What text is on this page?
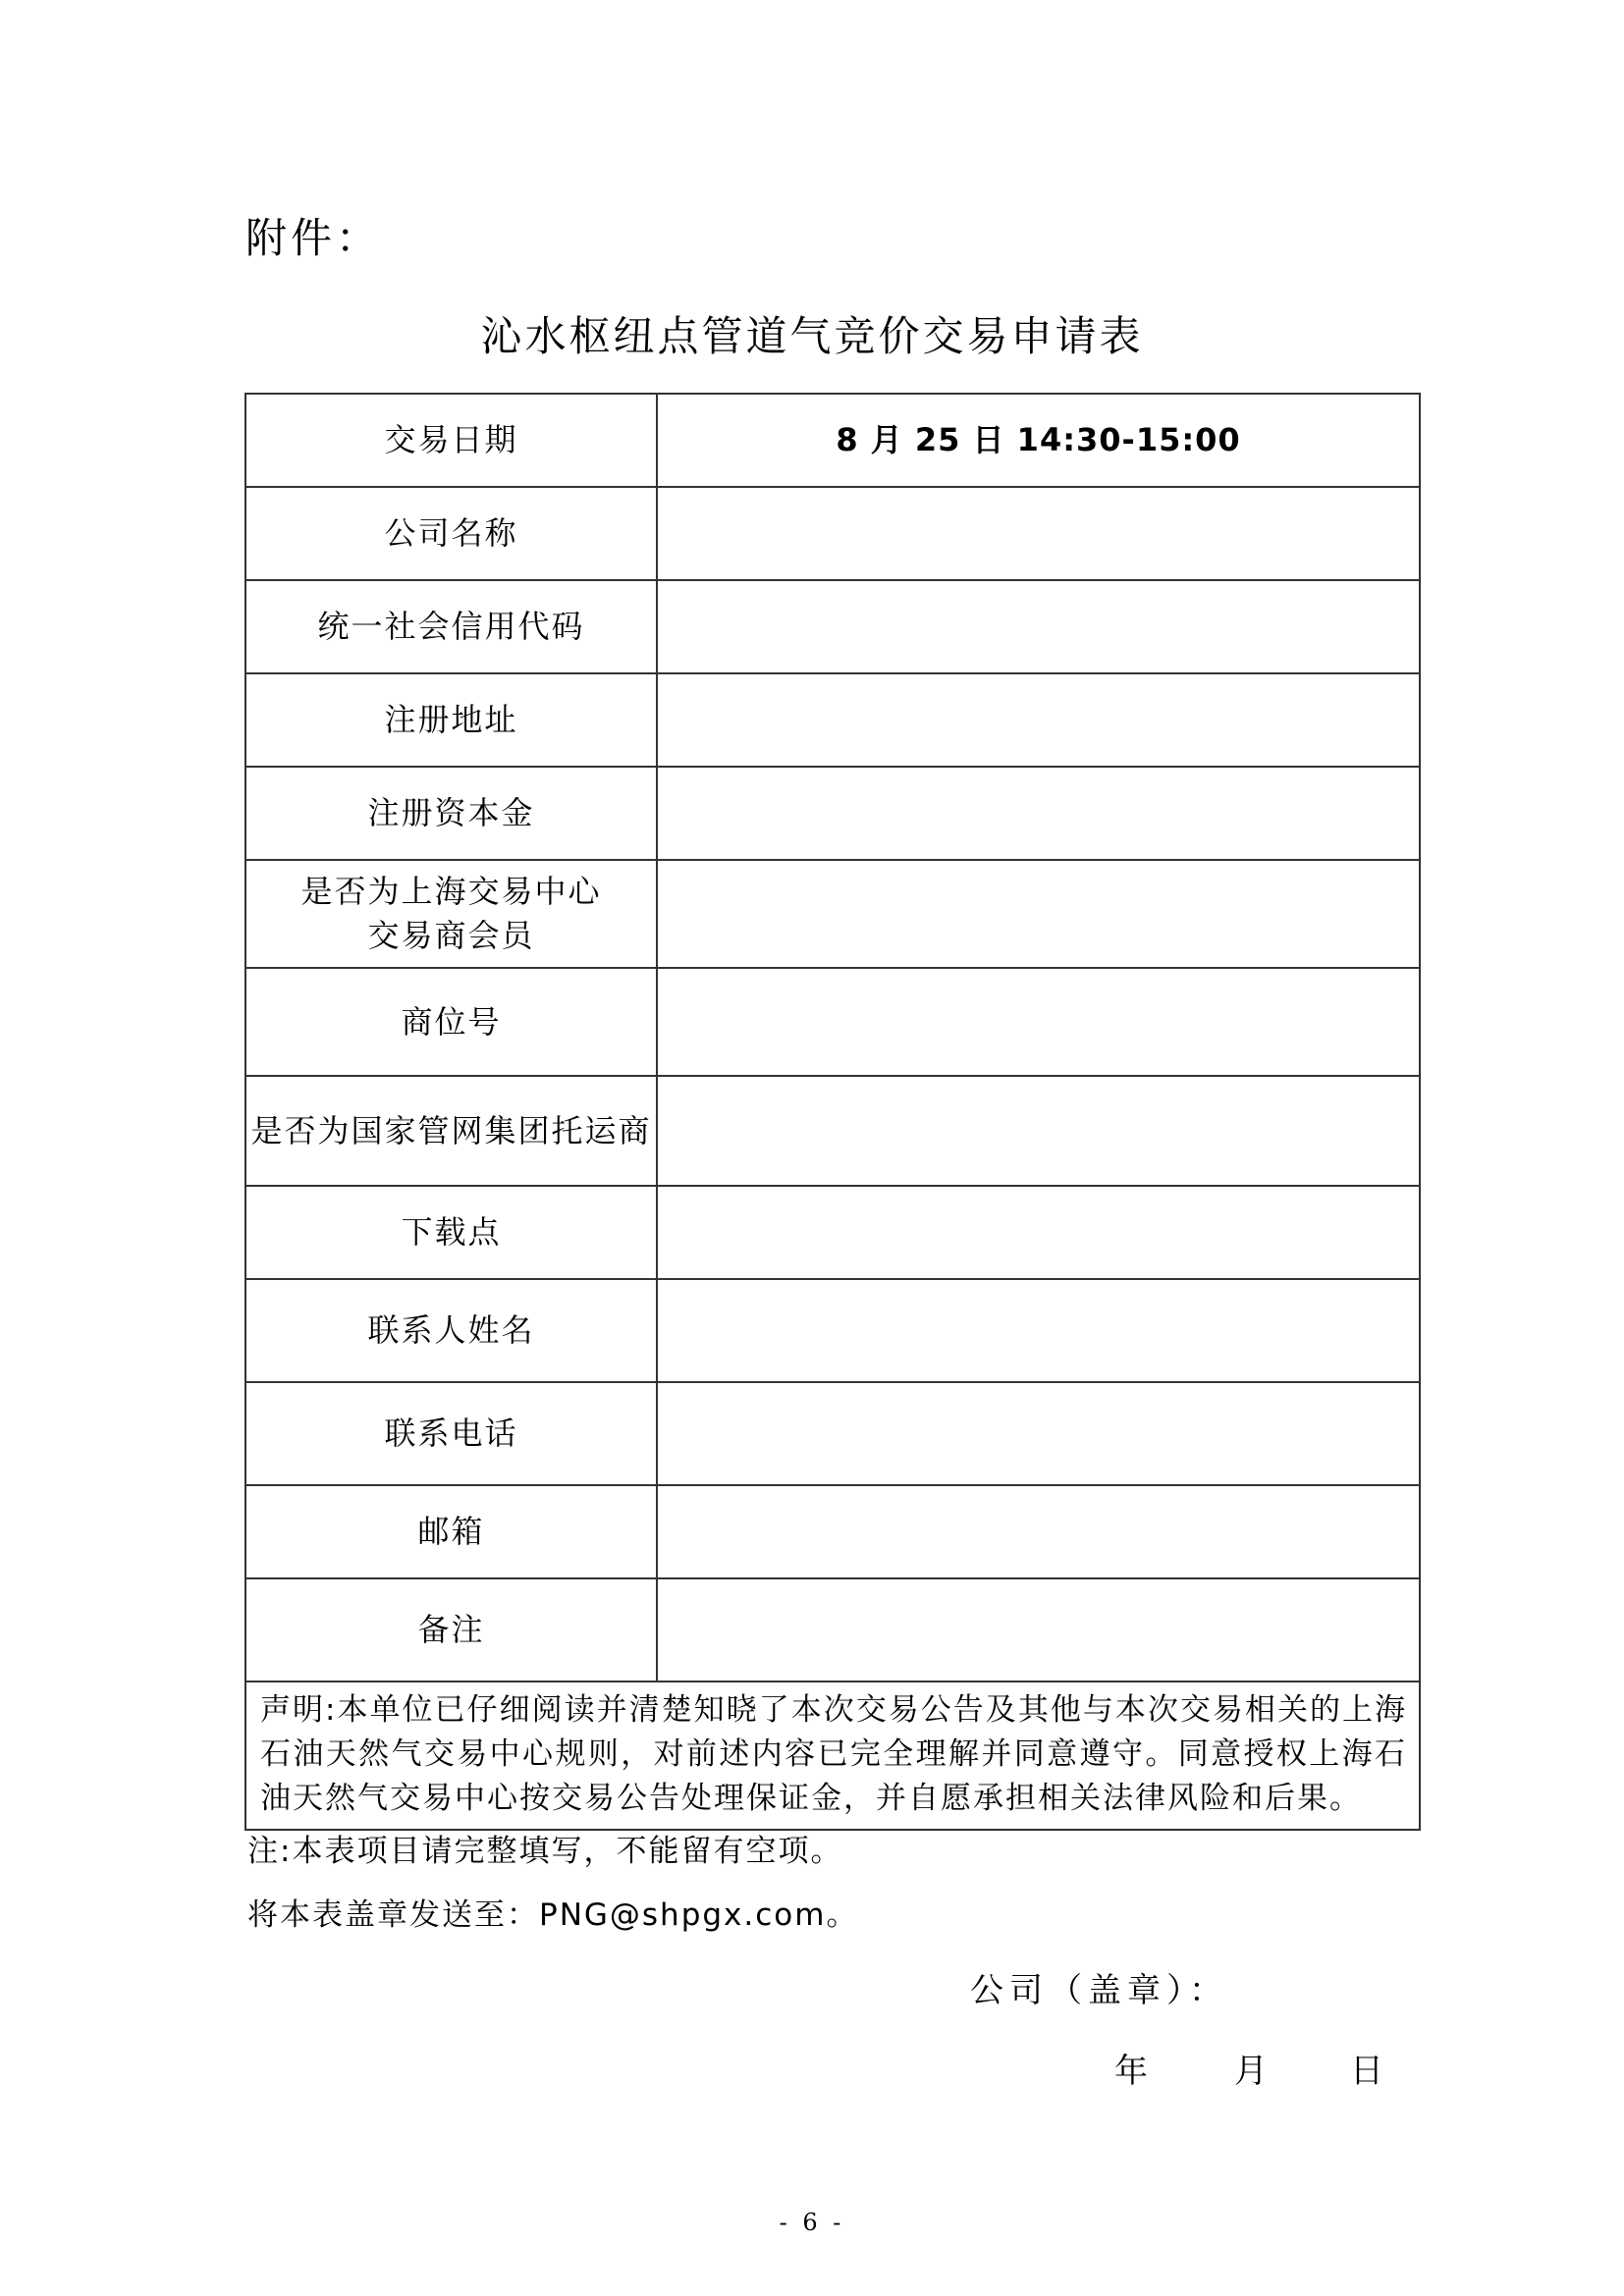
附件：
沁水枢纽点管道气竞价交易申请表
交易日期	8 月 25 日 14:30-15:00
公司名称	
统一社会信用代码	
注册地址	
注册资本金	
是否为上海交易中心
交易商会员	
商位号	
是否为国家管网集团托运商	
下载点	
联系人姓名	
联系电话	
邮箱	
备注	
声明:本单位已仔细阅读并清楚知晓了本次交易公告及其他与本次交易相关的上海石油天然气交易中心规则，对前述内容已完全理解并同意遵守。同意授权上海石油天然气交易中心按交易公告处理保证金，并自愿承担相关法律风险和后果。	
注:本表项目请完整填写，不能留有空项。
将本表盖章发送至：PNG@shpgx.com。
公司（盖章）：
年	月 日
- 6 -
